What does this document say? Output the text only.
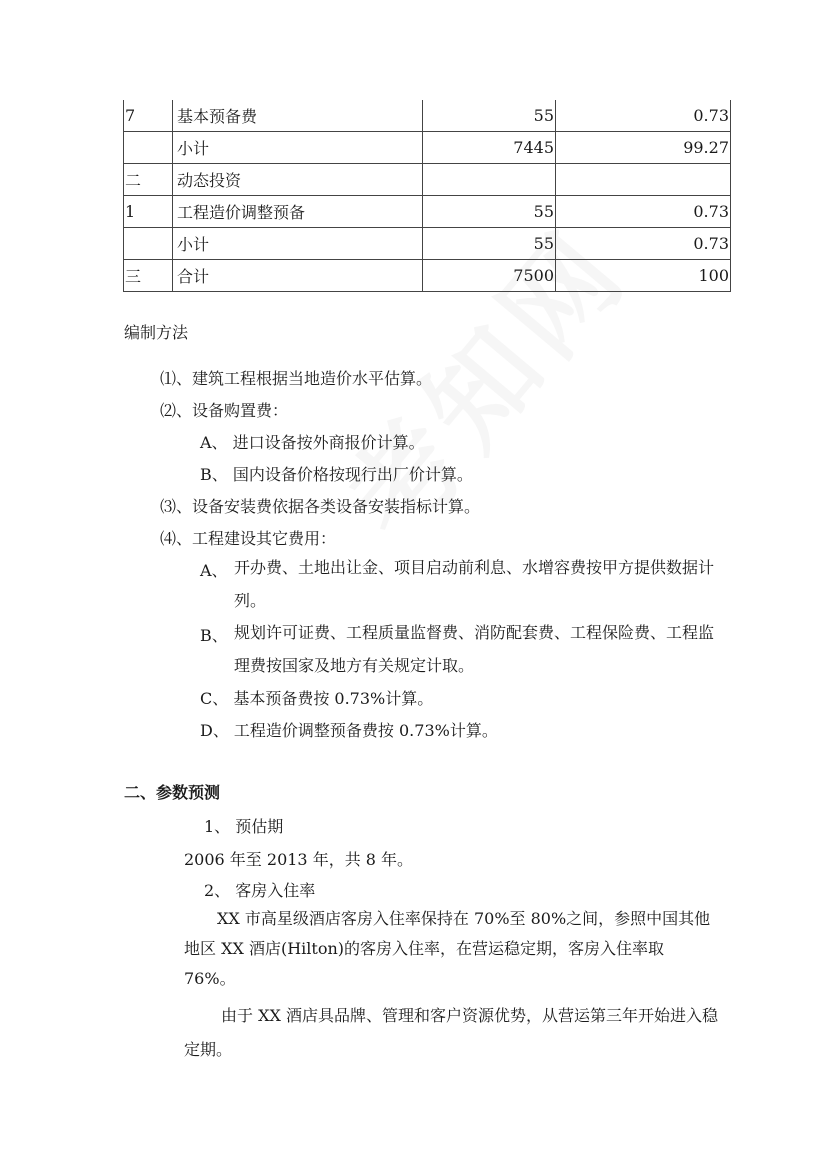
7	基本预备费	55	0.73
	小计	7445	99.27
二	动态投资		
1	工程造价调整预备	55	0.73
	小计	55	0.73
三	合计	7500	100
编制方法
⑴、建筑工程根据当地造价水平估算。
⑵、设备购置费：
A、 进口设备按外商报价计算。
B、 国内设备价格按现行出厂价计算。
⑶、设备安装费依据各类设备安装指标计算。
⑷、工程建设其它费用：
A、 开办费、土地出让金、项目启动前利息、水增容费按甲方提供数据计列。
B、 规划许可证费、工程质量监督费、消防配套费、工程保险费、工程监理费按国家及地方有关规定计取。
C、 基本预备费按 0.73%计算。
D、 工程造价调整预备费按 0.73%计算。
二、参数预测
1、 预估期
2006 年至 2013 年，共 8 年。
2、 客房入住率
XX 市高星级酒店客房入住率保持在 70%至 80%之间，参照中国其他地区 XX 酒店(Hilton)的客房入住率，在营运稳定期，客房入住率取 76%。
由于 XX 酒店具品牌、管理和客户资源优势，从营运第三年开始进入稳定期。
